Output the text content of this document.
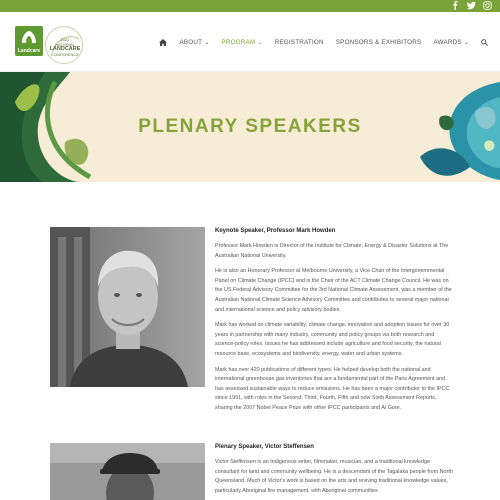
Landcare
2022
NATIONAL
LANDCARE
CONFERENCE
ABOUT ⌄ PROGRAM ⌄ REGISTRATION SPONSORS & EXHIBITORS AWARDS ⌄
PLENARY SPEAKERS
Keynote Speaker, Professor Mark Howden

Professor Mark Howden is Director of the Institute for Climate, Energy & Disaster Solutions at The Australian National University.

He is also an Honorary Professor at Melbourne University, a Vice Chair of the Intergovernmental Panel on Climate Change (IPCC) and is the Chair of the ACT Climate Change Council. He was on the US Federal Advisory Committee for the 3rd National Climate Assessment, was a member of the Australian National Climate Science Advisory Committee and contributes to several major national and international science and policy advisory bodies.

Mark has worked on climate variability, climate change, innovation and adoption issues for over 30 years in partnership with many industry, community and policy groups via both research and science-policy roles. Issues he has addressed include agriculture and food security, the natural resource base, ecosystems and biodiversity, energy, water and urban systems.

Mark has over 420 publications of different types. He helped develop both the national and international greenhouse gas inventories that are a fundamental part of the Paris Agreement and has assessed sustainable ways to reduce emissions. He has been a major contributor to the IPCC since 1991, with roles in the Second, Third, Fourth, Fifth and now Sixth Assessment Reports, sharing the 2007 Nobel Peace Prize with other IPCC participants and Al Gore.

Plenary Speaker, Victor Steffensen

Victor Steffensen is an Indigenous writer, filmmaker, musician, and a traditional knowledge consultant for land and community wellbeing. He is a descendant of the Tagalaka people from North Queensland. Much of Victor's work is based on the arts and reviving traditional knowledge values, particularly Aboriginal fire management, with Aboriginal communities
